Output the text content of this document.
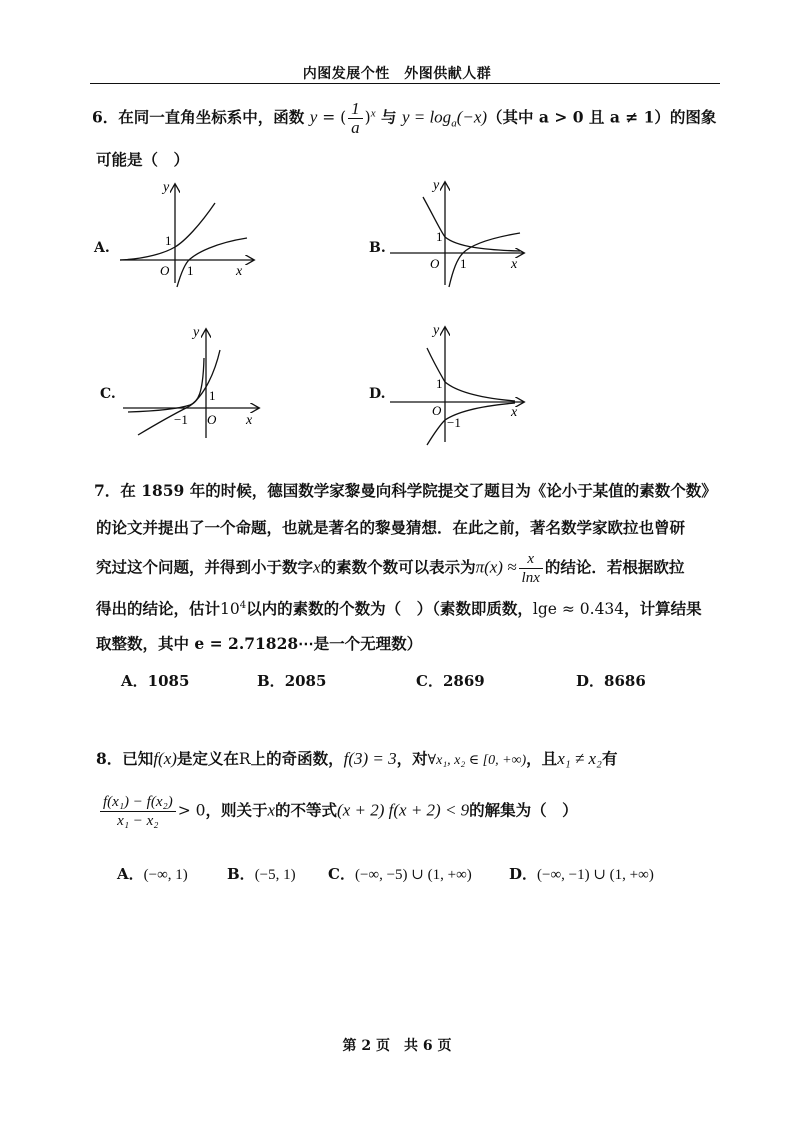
内图发展个性　外图供献人群
6．在同一直角坐标系中，函数 y = ( $\frac{1}{a} )^x$ 与 $y = \log_a(-x)$（其中 a > 0 且 a ≠ 1）的图象
可能是（　）
A.	B.
C.	D.
y
x
O
1
1
y
x
O
1
1
y
x
O
1
−1
y
x
O
1
−1
7．在 1859 年的时候，德国数学家黎曼向科学院提交了题目为《论小于某值的素数个数》
的论文并提出了一个命题，也就是著名的黎曼猜想．在此之前，著名数学家欧拉也曾研
究过这个问题，并得到小于数字x的素数个数可以表示为$\pi(x) \approx \frac{x}{\ln x}$ 的结论．若根据欧拉
得出的结论，估计$10^4$以内的素数的个数为（　）（素数即质数，lge ≈ 0.434，计算结果
取整数，其中 e = 2.71828⋯是一个无理数）
A．1085	B．2085	C．2869	D．8686
8．已知f(x)是定义在R上的奇函数，f(3) = 3，对∀x₁, x₂ ∈ [0, +∞)，且x₁ ≠ x₂有
$\frac{\text{f(x₁) − f(x₂)}}{\text{x₁ − x₂}} > 0$，则关于x的不等式(x + 2) f(x + 2) < 9的解集为（　）
A．(−∞, 1)	B．(−5, 1) C．(−∞, −5) ∪ (1, +∞) D．(−∞, −1) ∪ (1, +∞)
第 2 页　共 6 页
